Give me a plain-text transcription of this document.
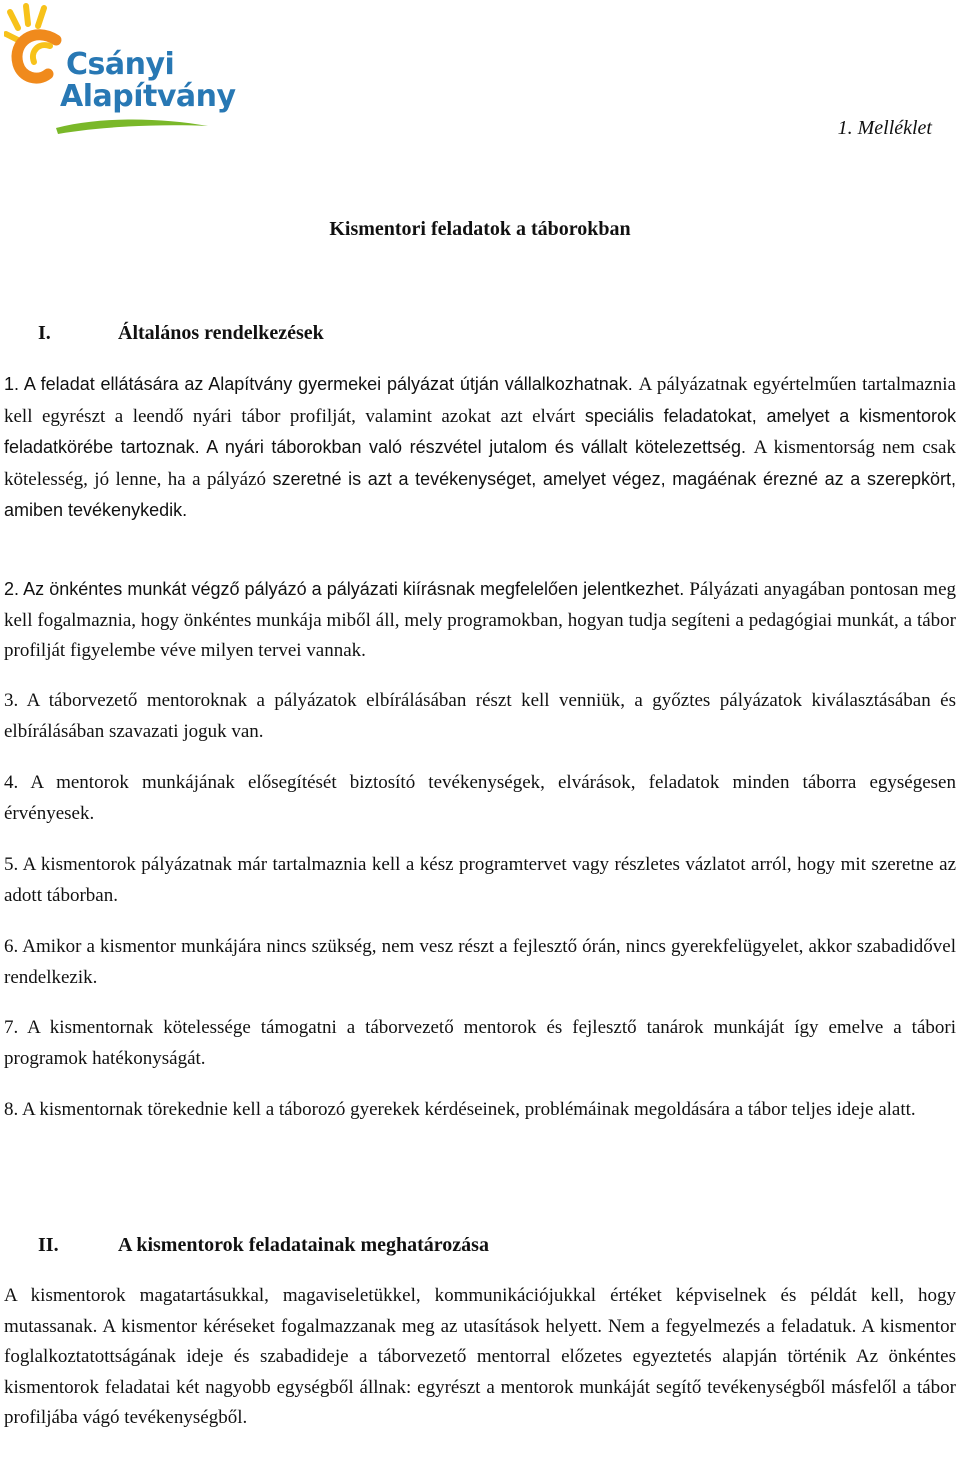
Csányi
Alapítvány
1. Melléklet
Kismentori feladatok a táborokban
I.	Általános rendelkezések

1. A feladat ellátására az Alapítvány gyermekei pályázat útján vállalkozhatnak. A pályázatnak egyértelműen tartalmaznia kell egyrészt a leendő nyári tábor profilját, valamint azokat azt elvárt speciális feladatokat, amelyet a kismentorok feladatkörébe tartoznak. A nyári táborokban való részvétel jutalom és vállalt kötelezettség. A kismentorság nem csak kötelesség, jó lenne, ha a pályázó szeretné is azt a tevékenységet, amelyet végez, magáénak érezné az a szerepkört, amiben tevékenykedik.

2. Az önkéntes munkát végző pályázó a pályázati kiírásnak megfelelően jelentkezhet. Pályázati anyagában pontosan meg kell fogalmaznia, hogy önkéntes munkája miből áll, mely programokban, hogyan tudja segíteni a pedagógiai munkát, a tábor profilját figyelembe véve milyen tervei vannak.

3. A táborvezető mentoroknak a pályázatok elbírálásában részt kell venniük, a győztes pályázatok kiválasztásában és elbírálásában szavazati joguk van.

4. A mentorok munkájának elősegítését biztosító tevékenységek, elvárások, feladatok minden táborra egységesen érvényesek.

5. A kismentorok pályázatnak már tartalmaznia kell a kész programtervet vagy részletes vázlatot arról, hogy mit szeretne az adott táborban.

6. Amikor a kismentor munkájára nincs szükség, nem vesz részt a fejlesztő órán, nincs gyerekfelügyelet, akkor szabadidővel rendelkezik.

7. A kismentornak kötelessége támogatni a táborvezető mentorok és fejlesztő tanárok munkáját így emelve a tábori programok hatékonyságát.

8. A kismentornak törekednie kell a táborozó gyerekek kérdéseinek, problémáinak megoldására a tábor teljes ideje alatt.

II.	A kismentorok feladatainak meghatározása

A kismentorok magatartásukkal, magaviseletükkel, kommunikációjukkal értéket képviselnek és példát kell, hogy mutassanak. A kismentor kéréseket fogalmazzanak meg az utasítások helyett. Nem a fegyelmezés a feladatuk. A kismentor foglalkoztatottságának ideje és szabadideje a táborvezető mentorral előzetes egyeztetés alapján történik Az önkéntes kismentorok feladatai két nagyobb egységből állnak: egyrészt a mentorok munkáját segítő tevékenységből másfelől a tábor profiljába vágó tevékenységből.
